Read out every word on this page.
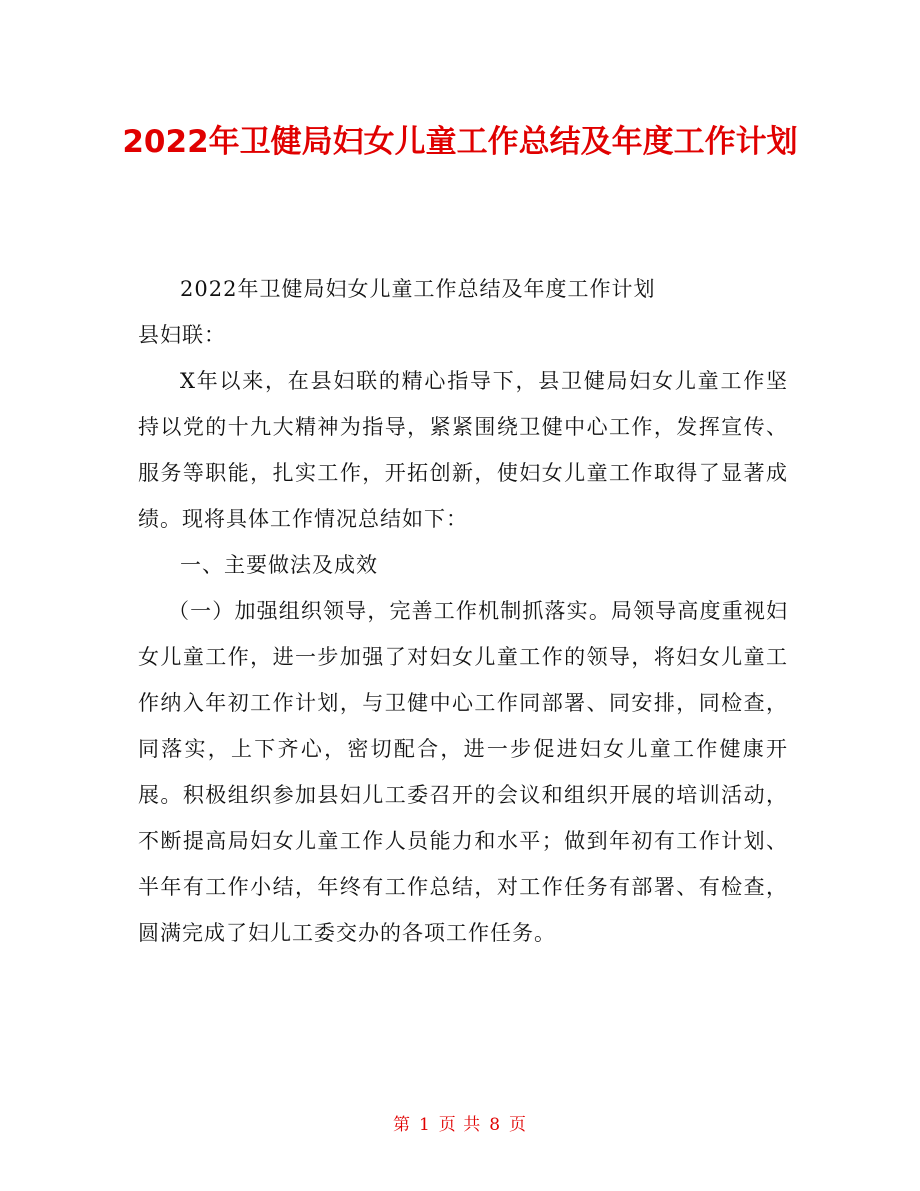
2022年卫健局妇女儿童工作总结及年度工作计划

2022年卫健局妇女儿童工作总结及年度工作计划

县妇联：

X年以来，在县妇联的精心指导下，县卫健局妇女儿童工作坚持以党的十九大精神为指导，紧紧围绕卫健中心工作，发挥宣传、服务等职能，扎实工作，开拓创新，使妇女儿童工作取得了显著成绩。现将具体工作情况总结如下：

一、主要做法及成效

（一）加强组织领导，完善工作机制抓落实。局领导高度重视妇女儿童工作，进一步加强了对妇女儿童工作的领导，将妇女儿童工作纳入年初工作计划，与卫健中心工作同部署、同安排，同检查，同落实，上下齐心，密切配合，进一步促进妇女儿童工作健康开展。积极组织参加县妇儿工委召开的会议和组织开展的培训活动，不断提高局妇女儿童工作人员能力和水平；做到年初有工作计划、半年有工作小结，年终有工作总结，对工作任务有部署、有检查，圆满完成了妇儿工委交办的各项工作任务。

第 1 页 共 8 页
